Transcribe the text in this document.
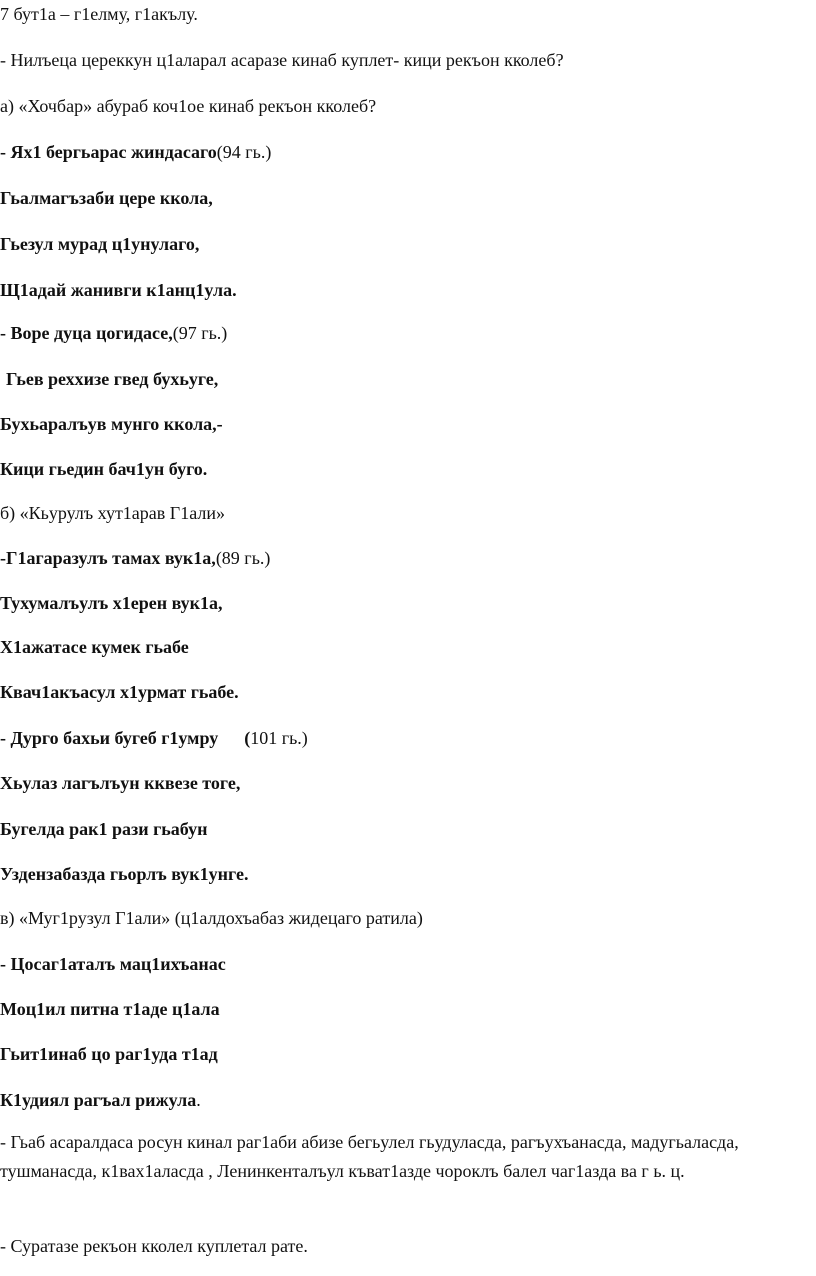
7 бут1а – г1елму, г1акълу.

- Нилъеца цереккун ц1аларал асаразе кинаб куплет- кици рекъон кколеб?

а) «Хочбар» абураб коч1ое кинаб рекъон кколеб?

- Ях1 бергьарас жиндасаго(94 гь.)

Гьалмагъзаби цере ккола,

Гьезул мурад ц1унулаго,

Щ1адай жанивги к1анц1ула.

- Воре дуца цогидасе,(97 гь.)

Гьев реххизе гвед бухьуге,

Бухьаралъув мунго ккола,-

Кици гьедин бач1ун буго.

б) «Кьурулъ хут1арав Г1али»

-Г1агаразулъ тамах вук1а,(89 гь.)

Тухумалъулъ х1ерен вук1а,

Х1ажатасе кумек гьабе

Квач1акъасул х1урмат гьабе.

- Дурго бахьи бугеб г1умру (101 гь.)

Хьулаз лагълъун кквезе тоге,

Бугелда рак1 рази гьабун

Уздензабазда гьорлъ вук1унге.

в) «Муг1рузул Г1али» (ц1алдохъабаз жидецаго ратила)

- Цосаг1аталъ мац1ихъанас

Моц1ил питна т1аде ц1ала

Гьит1инаб цо раг1уда т1ад

К1удиял рагъал рижула.

- Гьаб асаралдаса росун кинал раг1аби абизе бегьулел гьудуласда, рагъухъанасда, мадугьаласда, тушманасда, к1вах1аласда , Ленинкенталъул къват1азде чороклъ балел чаг1азда ва г ь. ц.

- Суратазе рекъон кколел куплетал рате.
